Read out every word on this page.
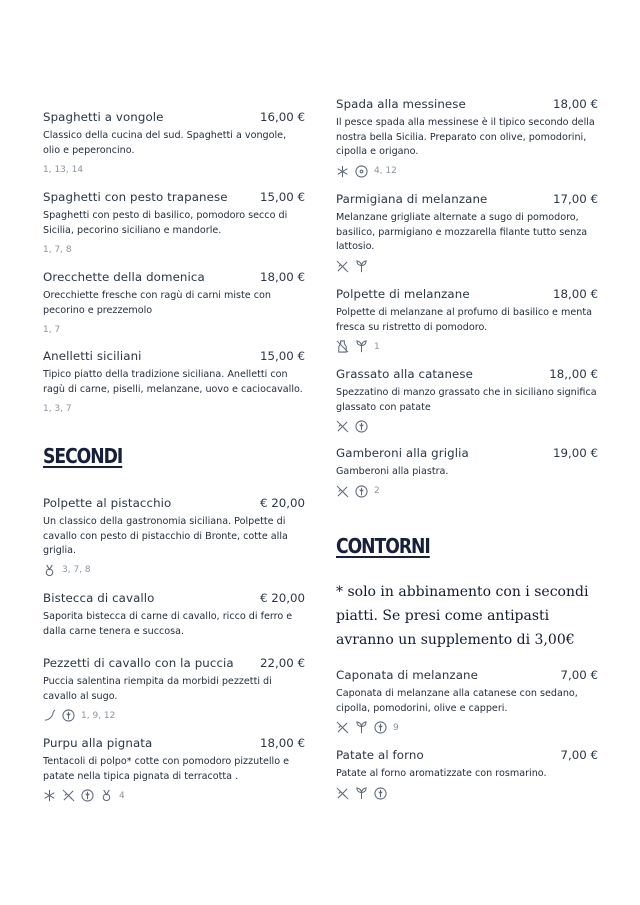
Spaghetti a vongole	16,00 €
Classico della cucina del sud. Spaghetti a vongole, olio e peperoncino.
1, 13, 14
Spaghetti con pesto trapanese	15,00 €
Spaghetti con pesto di basilico, pomodoro secco di Sicilia, pecorino siciliano e mandorle.
1, 7, 8
Orecchette della domenica	18,00 €
Orecchiette fresche con ragù di carni miste con pecorino e prezzemolo
1, 7
Anelletti siciliani	15,00 €
Tipico piatto della tradizione siciliana. Anelletti con ragù di carne, piselli, melanzane, uovo e caciocavallo.
1, 3, 7
SECONDI
Polpette al pistacchio	€ 20,00
Un classico della gastronomia siciliana. Polpette di cavallo con pesto di pistacchio di Bronte, cotte alla griglia.
3, 7, 8
Bistecca di cavallo	€ 20,00
Saporita bistecca di carne di cavallo, ricco di ferro e dalla carne tenera e succosa.
Pezzetti di cavallo con la puccia 22,00 €
Puccia salentina riempita da morbidi pezzetti di cavallo al sugo.
1, 9, 12
Purpu alla pignata	18,00 €
Tentacoli di polpo* cotte con pomodoro pizzutello e patate nella tipica pignata di terracotta .
4
Spada alla messinese	18,00 €
Il pesce spada alla messinese è il tipico secondo della nostra bella Sicilia. Preparato con olive, pomodorini, cipolla e origano.
4, 12
Parmigiana di melanzane	17,00 €
Melanzane grigliate alternate a sugo di pomodoro, basilico, parmigiano e mozzarella filante tutto senza lattosio.
Polpette di melanzane	18,00 €
Polpette di melanzane al profumo di basilico e menta fresca su ristretto di pomodoro.
1
Grassato alla catanese	18,,00 €
Spezzatino di manzo grassato che in siciliano significa glassato con patate
Gamberoni alla griglia	19,00 €
Gamberoni alla piastra.
2
CONTORNI
* solo in abbinamento con i secondi piatti. Se presi come antipasti avranno un supplemento di 3,00€
Caponata di melanzane	7,00 €
Caponata di melanzane alla catanese con sedano, cipolla, pomodorini, olive e capperi.
9
Patate al forno	7,00 €
Patate al forno aromatizzate con rosmarino.
